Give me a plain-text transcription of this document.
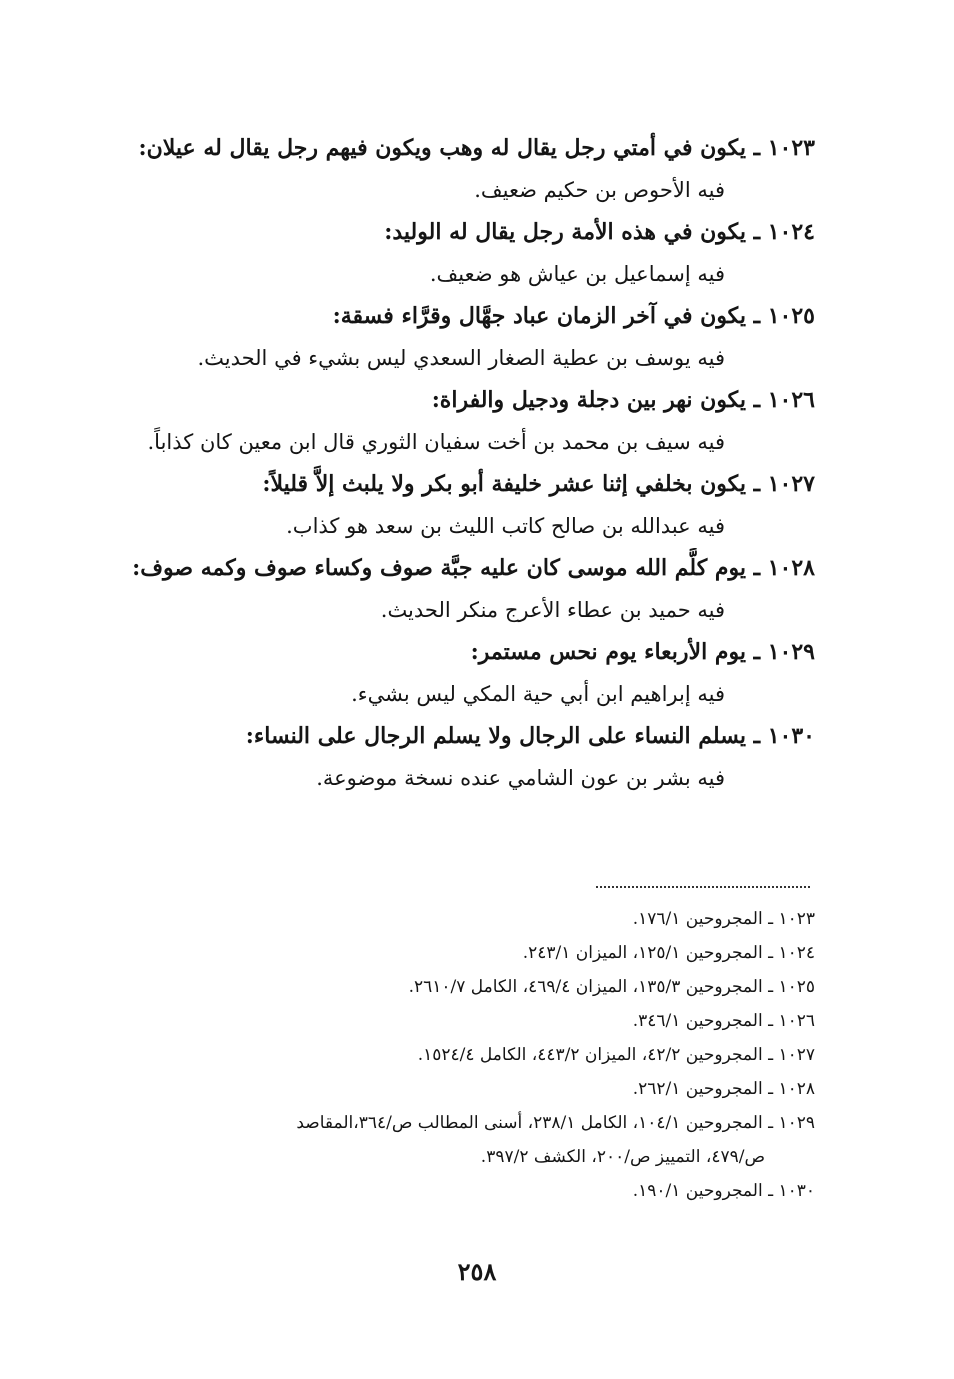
١٠٢٣ ـ يكون في أمتي رجل يقال له وهب ويكون فيهم رجل يقال له عيلان:
فيه الأحوص بن حكيم ضعيف.
١٠٢٤ ـ يكون في هذه الأمة رجل يقال له الوليد:
فيه إسماعيل بن عياش هو ضعيف.
١٠٢٥ ـ يكون في آخر الزمان عباد جهَّال وقرَّاء فسقة:
فيه يوسف بن عطية الصغار السعدي ليس بشيء في الحديث.
١٠٢٦ ـ يكون نهر بين دجلة ودجيل والفراة:
فيه سيف بن محمد بن أخت سفيان الثوري قال ابن معين كان كذاباً.
١٠٢٧ ـ يكون بخلفي إثنا عشر خليفة أبو بكر ولا يلبث إلاَّ قليلاً:
فيه عبدالله بن صالح كاتب الليث بن سعد هو كذاب.
١٠٢٨ ـ يوم كلَّم الله موسى كان عليه جبَّة صوف وكساء صوف وكمه صوف:
فيه حميد بن عطاء الأعرج منكر الحديث.
١٠٢٩ ـ يوم الأربعاء يوم نحس مستمر:
فيه إبراهيم ابن أبي حية المكي ليس بشيء.
١٠٣٠ ـ يسلم النساء على الرجال ولا يسلم الرجال على النساء:
فيه بشر بن عون الشامي عنده نسخة موضوعة.
١٠٢٣ ـ المجروحين ١٧٦/١.
١٠٢٤ ـ المجروحين ١٢٥/١، الميزان ٢٤٣/١.
١٠٢٥ ـ المجروحين ١٣٥/٣، الميزان ٤٦٩/٤، الكامل ٢٦١٠/٧.
١٠٢٦ ـ المجروحين ٣٤٦/١.
١٠٢٧ ـ المجروحين ٤٢/٢، الميزان ٤٤٣/٢، الكامل ١٥٢٤/٤.
١٠٢٨ ـ المجروحين ٢٦٢/١.
١٠٢٩ ـ المجروحين ١٠٤/١، الكامل ٢٣٨/١، أسنى المطالب ص/٣٦٤،المقاصد
ص/٤٧٩، التمييز ص/٢٠٠، الكشف ٣٩٧/٢.
١٠٣٠ ـ المجروحين ١٩٠/١.
٢٥٨
